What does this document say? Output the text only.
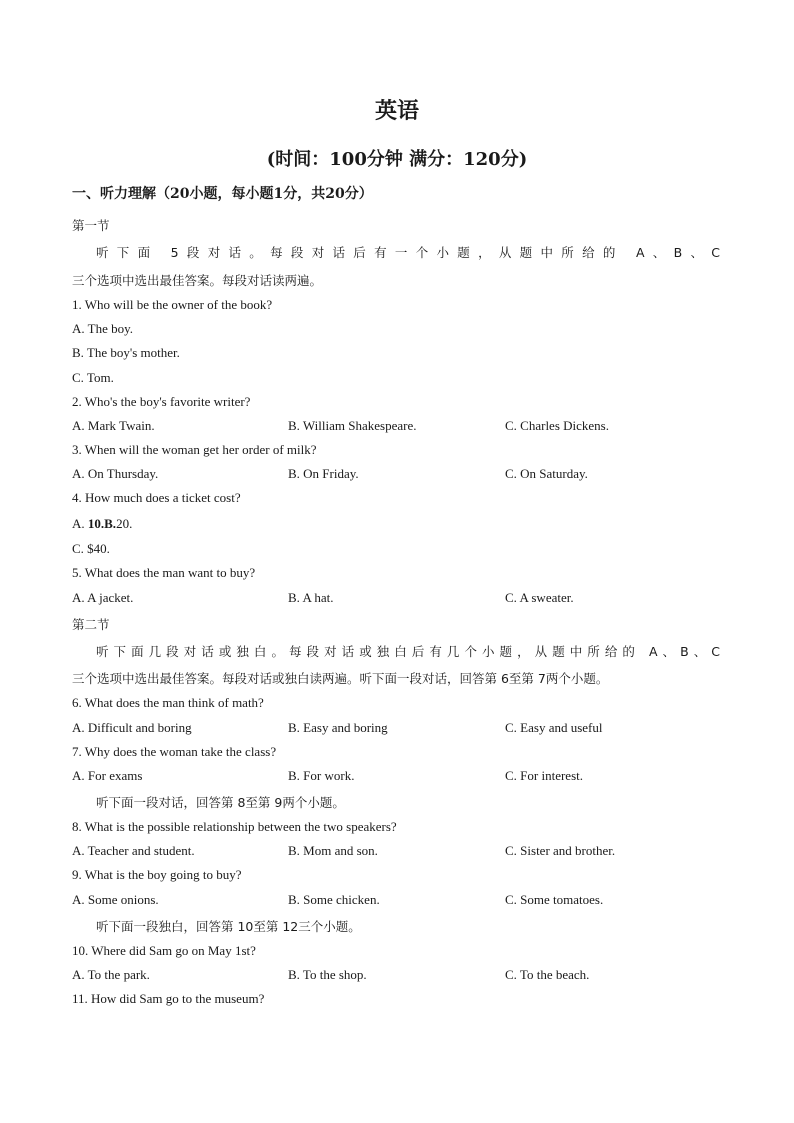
英语
(时间：100分钟 满分：120分)
一、听力理解（20小题，每小题1分，共20分）
第一节
听下面 5段对话。每段对话后有一个小题，从题中所给的 A、B、C
三个选项中选出最佳答案。每段对话读两遍。
1. Who will be the owner of the book?
A. The boy.
B. The boy's mother.
C. Tom.
2. Who's the boy's favorite writer?
A. Mark Twain.	B. William Shakespeare.	C. Charles Dickens.
3. When will the woman get her order of milk?
A. On Thursday.	B. On Friday.	C. On Saturday.
4. How much does a ticket cost?
A. 10.B.20.
C. $40.
5. What does the man want to buy?
A. A jacket.	B. A hat.	C. A sweater.
第二节
听下面几段对话或独白。每段对话或独白后有几个小题，从题中所给的 A、B、C
三个选项中选出最佳答案。每段对话或独白读两遍。听下面一段对话，回答第 6至第 7两个小题。
6. What does the man think of math?
A. Difficult and boring	B. Easy and boring	C. Easy and useful
7. Why does the woman take the class?
A. For exams	B. For work.	C. For interest.
听下面一段对话，回答第 8至第 9两个小题。
8. What is the possible relationship between the two speakers?
A. Teacher and student.	B. Mom and son.	C. Sister and brother.
9. What is the boy going to buy?
A. Some onions.	B. Some chicken.	C. Some tomatoes.
听下面一段独白，回答第 10至第 12三个小题。
10. Where did Sam go on May 1st?
A. To the park.	B. To the shop.	C. To the beach.
11. How did Sam go to the museum?
